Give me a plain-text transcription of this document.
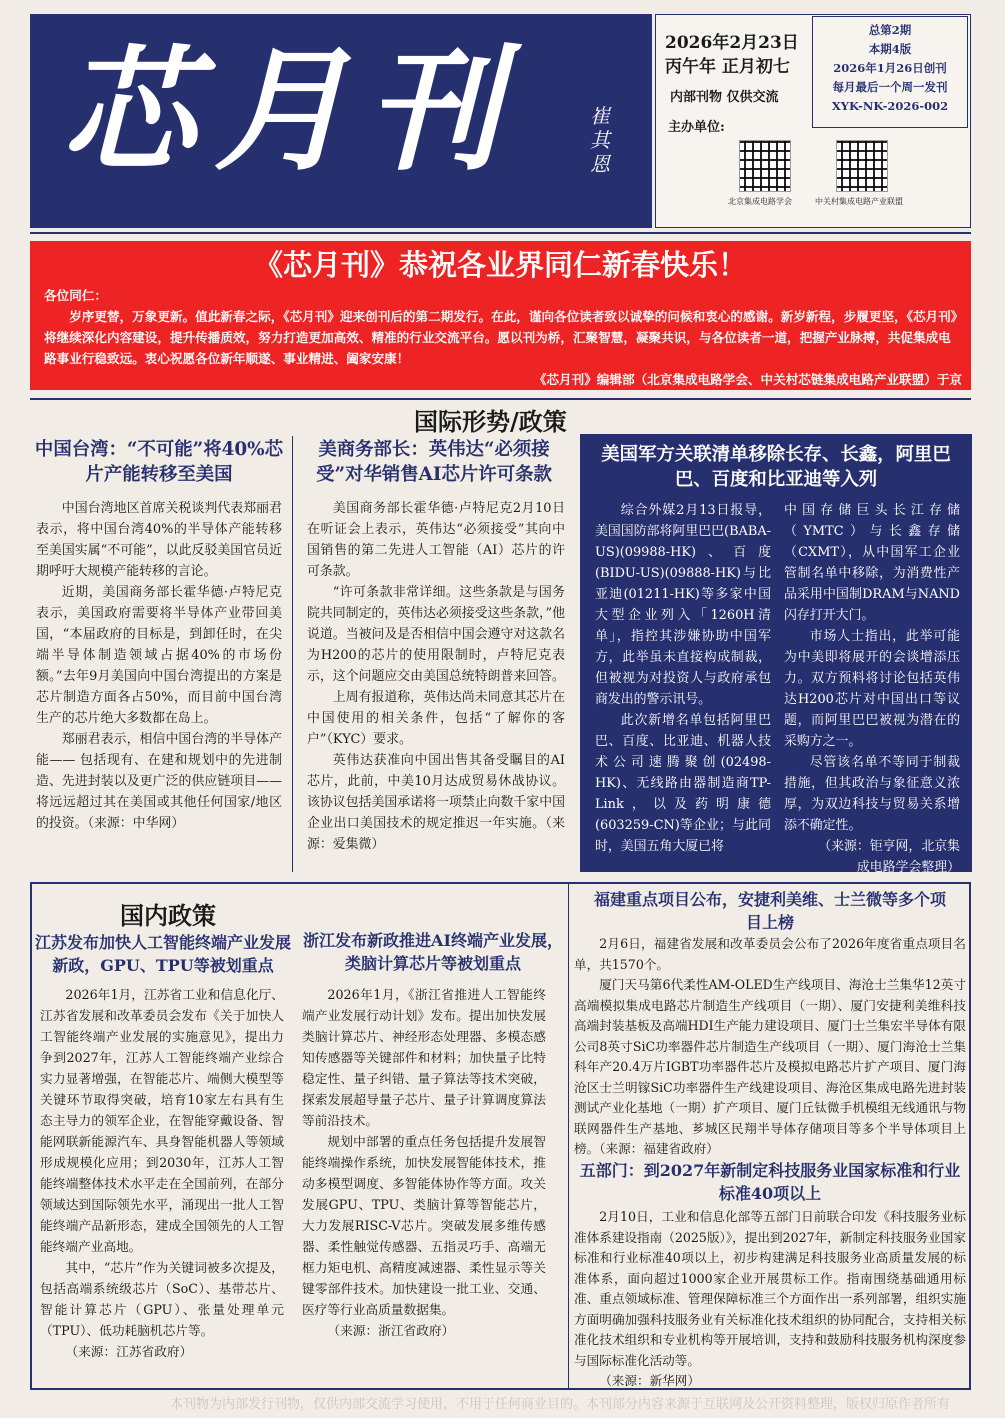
芯月刊	崔其恩
2026年2月23日
丙午年 正月初七
内部刊物 仅供交流
主办单位:
总第2期
本期4版
2026年1月26日创刊
每月最后一个周一发刊
XYK-NK-2026-002
北京集成电路学会	中关村集成电路产业联盟
《芯月刊》恭祝各业界同仁新春快乐！

各位同仁：

岁序更替，万象更新。值此新春之际，《芯月刊》迎来创刊后的第二期发行。在此，谨向各位读者致以诚挚的问候和衷心的感谢。新岁新程，步履更坚，《芯月刊》将继续深化内容建设，提升传播质效，努力打造更加高效、精准的行业交流平台。愿以刊为桥，汇聚智慧，凝聚共识，与各位读者一道，把握产业脉搏，共促集成电路事业行稳致远。衷心祝愿各位新年顺遂、事业精进、阖家安康！

《芯月刊》编辑部（北京集成电路学会、中关村芯链集成电路产业联盟）于京

国际形势/政策
中国台湾：“不可能”将40%芯片产能转移至美国

中国台湾地区首席关税谈判代表郑丽君表示，将中国台湾40%的半导体产能转移至美国实属“不可能”，以此反驳美国官员近期呼吁大规模产能转移的言论。

近期，美国商务部长霍华德·卢特尼克表示，美国政府需要将半导体产业带回美国，“本届政府的目标是，到卸任时，在尖端半导体制造领域占据40%的市场份额。”去年9月美国向中国台湾提出的方案是芯片制造方面各占50%，而目前中国台湾生产的芯片绝大多数都在岛上。

郑丽君表示，相信中国台湾的半导体产能—— 包括现有、在建和规划中的先进制造、先进封装以及更广泛的供应链项目—— 将远远超过其在美国或其他任何国家/地区的投资。（来源：中华网）

美商务部长：英伟达“必须接受”对华销售AI芯片许可条款

美国商务部长霍华德·卢特尼克2月10日在听证会上表示，英伟达“必须接受”其向中国销售的第二先进人工智能（AI）芯片的许可条款。

“许可条款非常详细。这些条款是与国务院共同制定的，英伟达必须接受这些条款，”他说道。当被问及是否相信中国会遵守对这款名为H200的芯片的使用限制时，卢特尼克表示，这个问题应交由美国总统特朗普来回答。

上周有报道称，英伟达尚未同意其芯片在中国使用的相关条件，包括“了解你的客户”（KYC）要求。

英伟达获准向中国出售其备受瞩目的AI芯片，此前，中美10月达成贸易休战协议。该协议包括美国承诺将一项禁止向数千家中国企业出口美国技术的规定推迟一年实施。（来源：爱集微）

美国军方关联清单移除长存、长鑫，阿里巴巴、百度和比亚迪等入列

综合外媒2月13日报导，美国国防部将阿里巴巴(BABA-US)(09988-HK)、百度(BIDU-US)(09888-HK)与比亚迪(01211-HK)等多家中国大型企业列入「1260H清单」，指控其涉嫌协助中国军方，此举虽未直接构成制裁，但被视为对投资人与政府承包商发出的警示讯号。

此次新增名单包括阿里巴巴、百度、比亚迪、机器人技术公司速腾聚创(02498-HK)、无线路由器制造商TP-Link，以及药明康德(603259-CN)等企业；与此同时，美国五角大厦已将

中国存储巨头长江存储（YMTC）与长鑫存储（CXMT），从中国军工企业管制名单中移除，为消费性产品采用中国制DRAM与NAND闪存打开大门。

市场人士指出，此举可能为中美即将展开的会谈增添压力。双方预料将讨论包括英伟达H200芯片对中国出口等议题，而阿里巴巴被视为潜在的采购方之一。

尽管该名单不等同于制裁措施，但其政治与象征意义浓厚，为双边科技与贸易关系增添不确定性。

（来源：钜亨网，北京集成电路学会整理）

国内政策
江苏发布加快人工智能终端产业发展新政，GPU、TPU等被划重点

2026年1月，江苏省工业和信息化厅、江苏省发展和改革委员会发布《关于加快人工智能终端产业发展的实施意见》，提出力争到2027年，江苏人工智能终端产业综合实力显著增强，在智能芯片、端侧大模型等关键环节取得突破，培育10家左右具有生态主导力的领军企业，在智能穿戴设备、智能网联新能源汽车、具身智能机器人等领域形成规模化应用；到2030年，江苏人工智能终端整体技术水平走在全国前列，在部分领域达到国际领先水平，涌现出一批人工智能终端产品新形态，建成全国领先的人工智能终端产业高地。

其中，“芯片”作为关键词被多次提及，包括高端系统级芯片（SoC）、基带芯片、智能计算芯片（GPU）、张量处理单元（TPU）、低功耗脑机芯片等。

（来源：江苏省政府）

浙江发布新政推进AI终端产业发展，类脑计算芯片等被划重点

2026年1月，《浙江省推进人工智能终端产业发展行动计划》发布。提出加快发展类脑计算芯片、神经形态处理器、多模态感知传感器等关键部件和材料；加快量子比特稳定性、量子纠错、量子算法等技术突破，探索发展超导量子芯片、量子计算调度算法等前沿技术。

规划中部署的重点任务包括提升发展智能终端操作系统，加快发展智能体技术，推动多模型调度、多智能体协作等方面。攻关发展GPU、TPU、类脑计算等智能芯片，大力发展RISC-V芯片。突破发展多维传感器、柔性触觉传感器、五指灵巧手、高端无框力矩电机、高精度减速器、柔性显示等关键零部件技术。加快建设一批工业、交通、医疗等行业高质量数据集。

（来源：浙江省政府）

福建重点项目公布，安捷利美维、士兰微等多个项目上榜

2月6日，福建省发展和改革委员会公布了2026年度省重点项目名单，共1570个。

厦门天马第6代柔性AM-OLED生产线项目、海沧士兰集华12英寸高端模拟集成电路芯片制造生产线项目（一期）、厦门安捷利美维科技高端封装基板及高端HDI生产能力建设项目、厦门士兰集宏半导体有限公司8英寸SiC功率器件芯片制造生产线项目（一期）、厦门海沧士兰集科年产20.4万片IGBT功率器件芯片及模拟电路芯片扩产项目、厦门海沧区士兰明镓SiC功率器件生产线建设项目、海沧区集成电路先进封装测试产业化基地（一期）扩产项目、厦门丘钛微手机模组无线通讯与物联网器件生产基地、芗城区民翔半导体存储项目等多个半导体项目上榜。（来源：福建省政府）

五部门：到2027年新制定科技服务业国家标准和行业标准40项以上

2月10日，工业和信息化部等五部门日前联合印发《科技服务业标准体系建设指南（2025版）》，提出到2027年，新制定科技服务业国家标准和行业标准40项以上，初步构建满足科技服务业高质量发展的标准体系，面向超过1000家企业开展贯标工作。指南围绕基础通用标准、重点领域标准、管理保障标准三个方面作出一系列部署，组织实施方面明确加强科技服务业有关标准化技术组织的协同配合，支持相关标准化技术组织和专业机构等开展培训，支持和鼓励科技服务机构深度参与国际标准化活动等。

（来源：新华网）

本刊物为内部发行刊物，仅供内部交流学习使用，不用于任何商业目的。本刊部分内容来源于互联网及公开资料整理，版权归原作者所有
